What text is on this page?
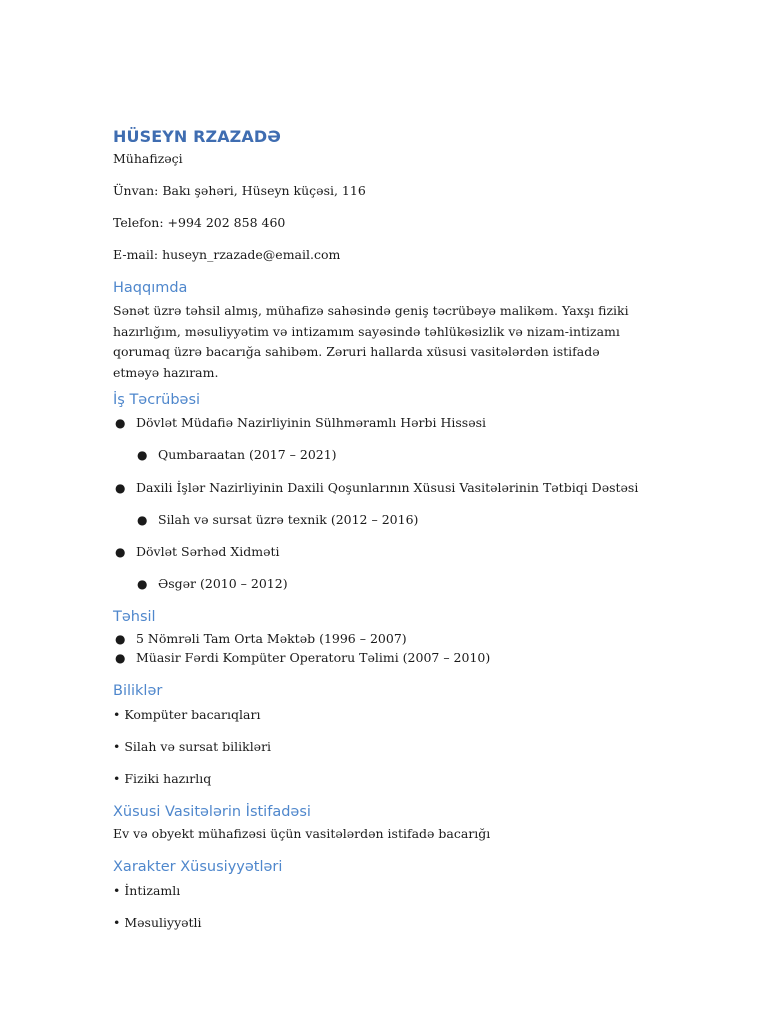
HÜSEYN RZAZADƏ
Mühafizəçi
Ünvan: Bakı şəhəri, Hüseyn küçəsi, 116
Telefon: +994 202 858 460
E-mail: huseyn_rzazade@email.com
Haqqımda
Sənət üzrə təhsil almış, mühafizə sahəsində geniş təcrübəyə malikəm. Yaxşı fiziki hazırlığım, məsuliyyətim və intizamım sayəsində təhlükəsizlik və nizam-intizamı qorumaq üzrə bacarığa sahibəm. Zəruri hallarda xüsusi vasitələrdən istifadə etməyə hazıram.
İş Təcrübəsi
● Dövlət Müdafiə Nazirliyinin Sülhməramlı Hərbi Hissəsi
● Qumbaraatan (2017 – 2021)
● Daxili İşlər Nazirliyinin Daxili Qoşunlarının Xüsusi Vasitələrinin Tətbiqi Dəstəsi
● Silah və sursat üzrə texnik (2012 – 2016)
● Dövlət Sərhəd Xidməti
● Əsgər (2010 – 2012)
Təhsil
● 5 Nömrəli Tam Orta Məktəb (1996 – 2007)
● Müasir Fərdi Kompüter Operatoru Təlimi (2007 – 2010)
Biliklər
• Kompüter bacarıqları
• Silah və sursat bilikləri
• Fiziki hazırlıq
Xüsusi Vasitələrin İstifadəsi
Ev və obyekt mühafizəsi üçün vasitələrdən istifadə bacarığı
Xarakter Xüsusiyyətləri
• İntizamlı
• Məsuliyyətli
